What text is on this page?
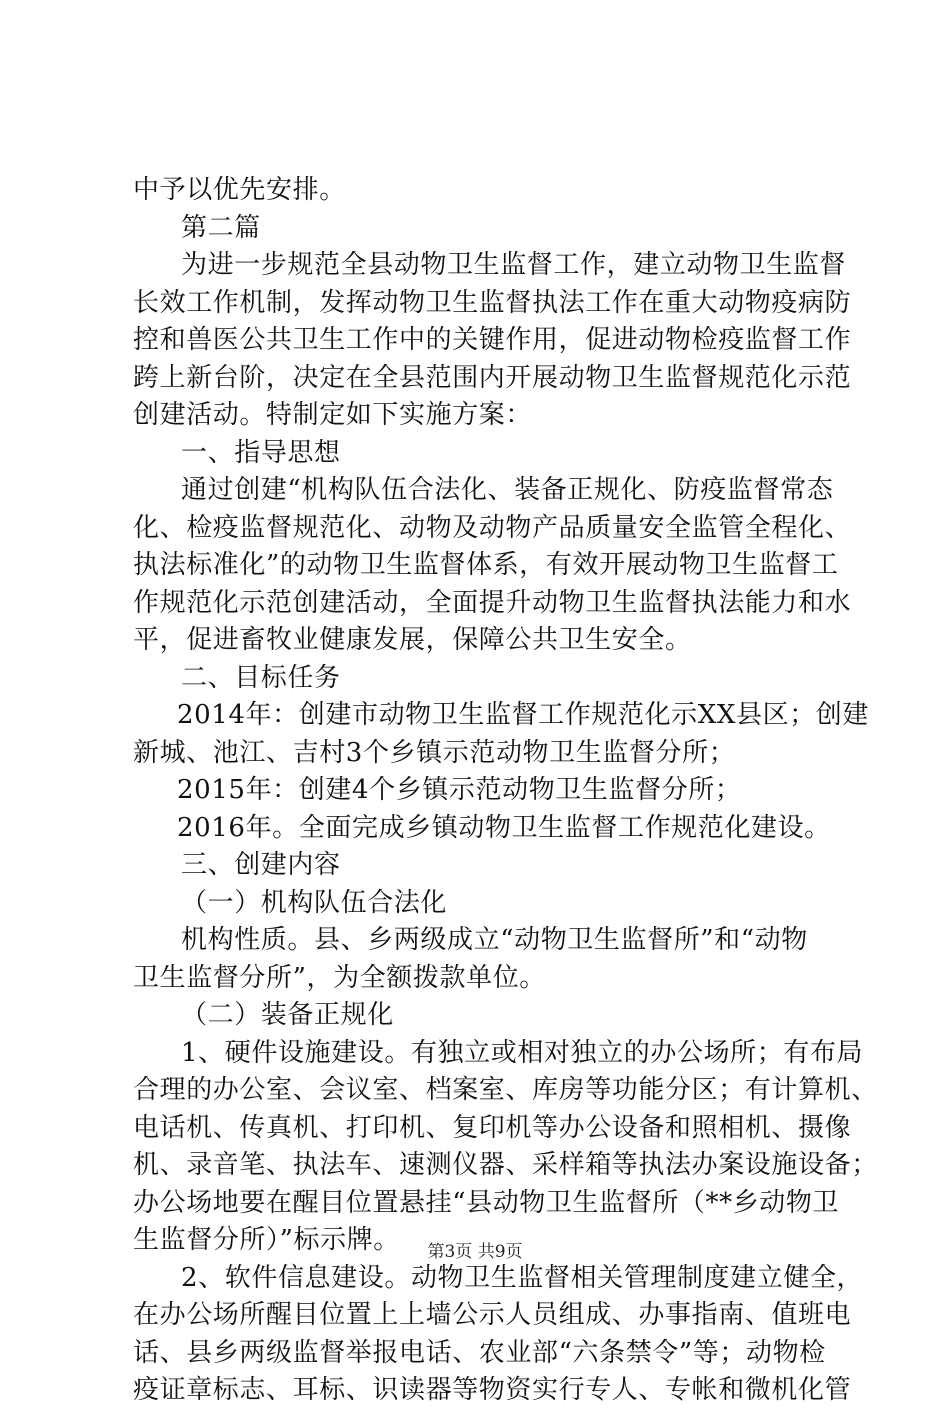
中予以优先安排。
第二篇
为进一步规范全县动物卫生监督工作，建立动物卫生监督
长效工作机制，发挥动物卫生监督执法工作在重大动物疫病防
控和兽医公共卫生工作中的关键作用，促进动物检疫监督工作
跨上新台阶，决定在全县范围内开展动物卫生监督规范化示范
创建活动。特制定如下实施方案：
一、指导思想
通过创建“机构队伍合法化、装备正规化、防疫监督常态
化、检疫监督规范化、动物及动物产品质量安全监管全程化、
执法标准化”的动物卫生监督体系，有效开展动物卫生监督工
作规范化示范创建活动，全面提升动物卫生监督执法能力和水
平，促进畜牧业健康发展，保障公共卫生安全。
二、目标任务
2014年：创建市动物卫生监督工作规范化示XX县区；创建
新城、池江、吉村3个乡镇示范动物卫生监督分所；
2015年：创建4个乡镇示范动物卫生监督分所；
2016年。全面完成乡镇动物卫生监督工作规范化建设。
三、创建内容
（一）机构队伍合法化
机构性质。县、乡两级成立“动物卫生监督所”和“动物
卫生监督分所”，为全额拨款单位。
（二）装备正规化
1、硬件设施建设。有独立或相对独立的办公场所；有布局
合理的办公室、会议室、档案室、库房等功能分区；有计算机、
电话机、传真机、打印机、复印机等办公设备和照相机、摄像
机、录音笔、执法车、速测仪器、采样箱等执法办案设施设备；
办公场地要在醒目位置悬挂“县动物卫生监督所（**乡动物卫
生监督分所）”标示牌。
2、软件信息建设。动物卫生监督相关管理制度建立健全，
在办公场所醒目位置上上墙公示人员组成、办事指南、值班电
话、县乡两级监督举报电话、农业部“六条禁令”等；动物检
疫证章标志、耳标、识读器等物资实行专人、专帐和微机化管
第3页 共9页
